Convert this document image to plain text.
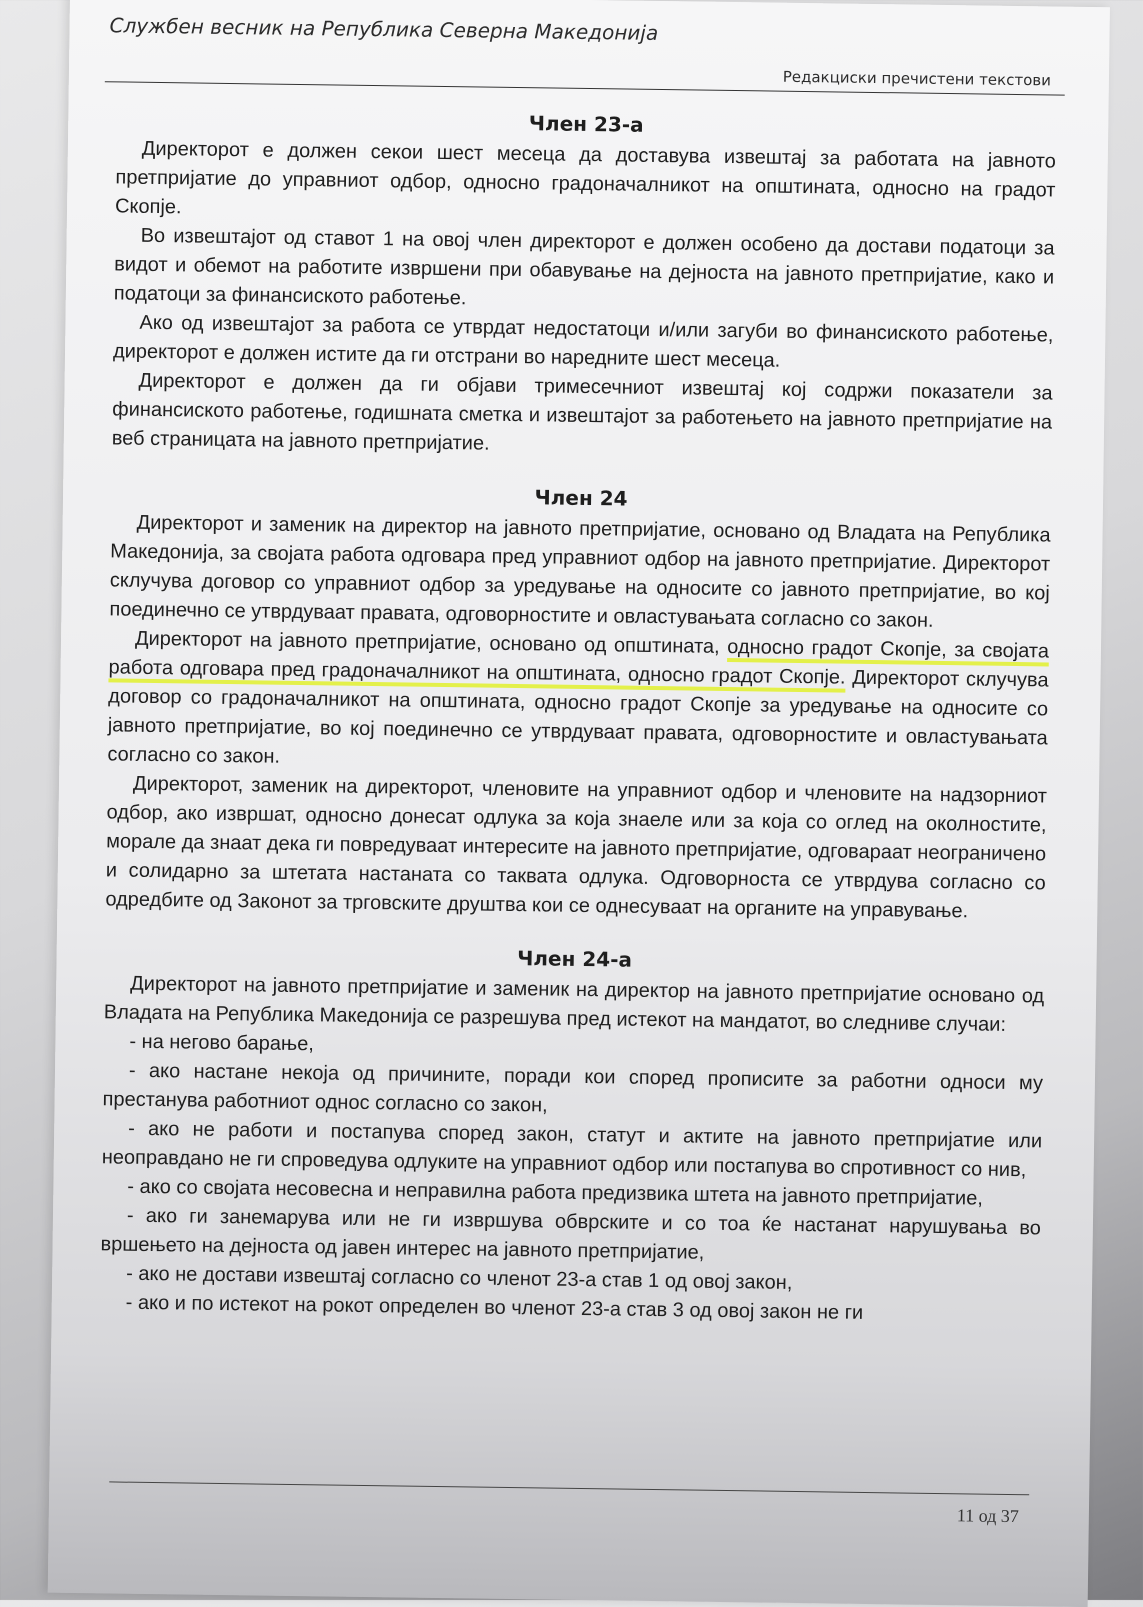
Службен весник на Република Северна Македонија
Редакциски пречистени текстови
Член 23-а

Директорот е должен секои шест месеца да доставува извештај за работата на јавното претпријатие до управниот одбор, односно градоначалникот на општината, односно на градот Скопје.

Во извештајот од ставот 1 на овој член директорот е должен особено да достави податоци за видот и обемот на работите извршени при обавување на дејноста на јавното претпријатие, како и податоци за финансиското работење.

Ако од извештајот за работа се утврдат недостатоци и/или загуби во финансиското работење, директорот е должен истите да ги отстрани во наредните шест месеца.

Директорот е должен да ги објави тримесечниот извештај кој содржи показатели за финансиското работење, годишната сметка и извештајот за работењето на јавното претпријатие на веб страницата на јавното претпријатие.

Член 24

Директорот и заменик на директор на јавното претпријатие, основано од Владата на Република Македонија, за својата работа одговара пред управниот одбор на јавното претпријатие. Директорот склучува договор со управниот одбор за уредување на односите со јавното претпријатие, во кој поединечно се утврдуваат правата, одговорностите и овластувањата согласно со закон.

Директорот на јавното претпријатие, основано од општината, односно градот Скопје, за својата работа одговара пред градоначалникот на општината, односно градот Скопје. Директорот склучува договор со градоначалникот на општината, односно градот Скопје за уредување на односите со јавното претпријатие, во кој поединечно се утврдуваат правата, одговорностите и овластувањата согласно со закон.

Директорот, заменик на директорот, членовите на управниот одбор и членовите на надзорниот одбор, ако извршат, односно донесат одлука за која знаеле или за која со оглед на околностите, морале да знаат дека ги повредуваат интересите на јавното претпријатие, одговараат неограничено и солидарно за штетата настаната со таквата одлука. Одговорноста се утврдува согласно со одредбите од Законот за трговските друштва кои се однесуваат на органите на управување.

Член 24-а

Директорот на јавното претпријатие и заменик на директор на јавното претпријатие основано од Владата на Република Македонија се разрешува пред истекот на мандатот, во следниве случаи:

- на негово барање,

- ако настане некоја од причините, поради кои според прописите за работни односи му престанува работниот однос согласно со закон,

- ако не работи и постапува според закон, статут и актите на јавното претпријатие или неоправдано не ги спроведува одлуките на управниот одбор или постапува во спротивност со нив,

- ако со својата несовесна и неправилна работа предизвика штета на јавното претпријатие,

- ако ги занемарува или не ги извршува обврските и со тоа ќе настанат нарушувања во вршењето на дејноста од јавен интерес на јавното претпријатие,

- ако не достави извештај согласно со членот 23-а став 1 од овој закон,

- ако и по истекот на рокот определен во членот 23-а став 3 од овој закон не ги

11 од 37
